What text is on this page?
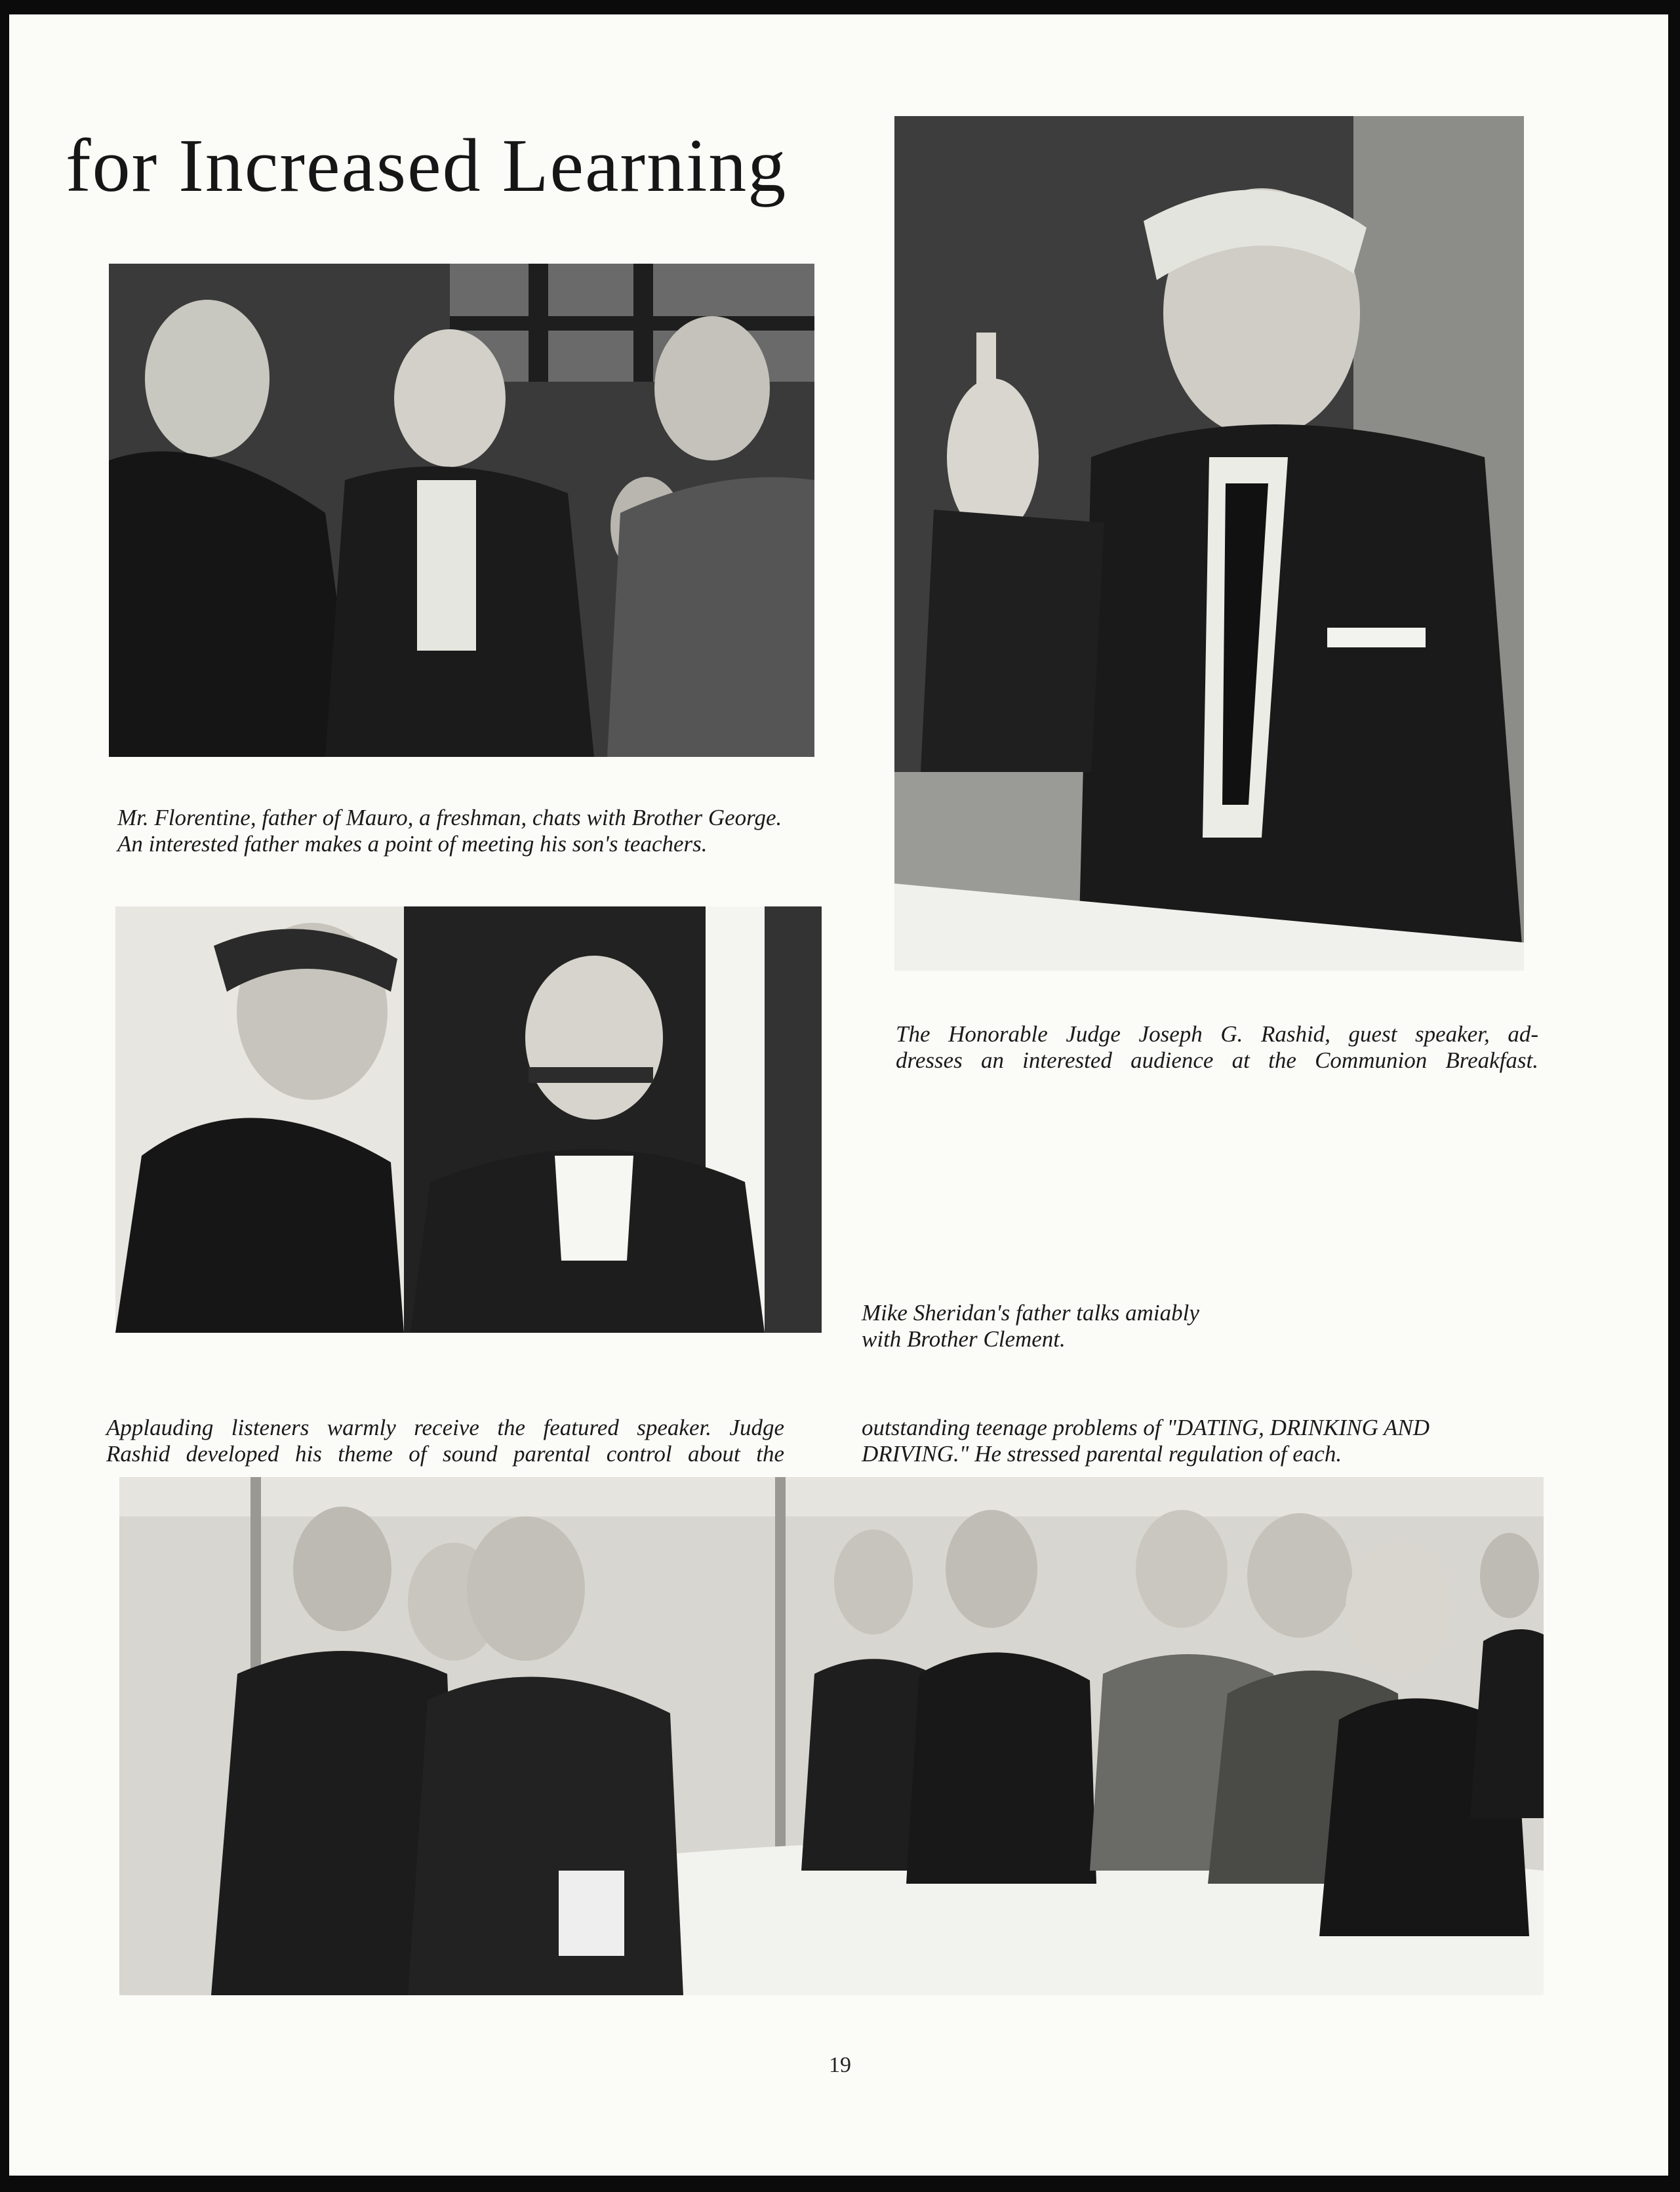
for Increased Learning

Mr. Florentine, father of Mauro, a freshman, chats with Brother George.
An interested father makes a point of meeting his son's teachers.

The Honorable Judge Joseph G. Rashid, guest speaker, ad-
dresses an interested audience at the Communion Breakfast.

Mike Sheridan's father talks amiably
with Brother Clement.

Applauding listeners warmly receive the featured speaker. Judge
Rashid developed his theme of sound parental control about the

outstanding teenage problems of "DATING, DRINKING AND
DRIVING." He stressed parental regulation of each.

19
